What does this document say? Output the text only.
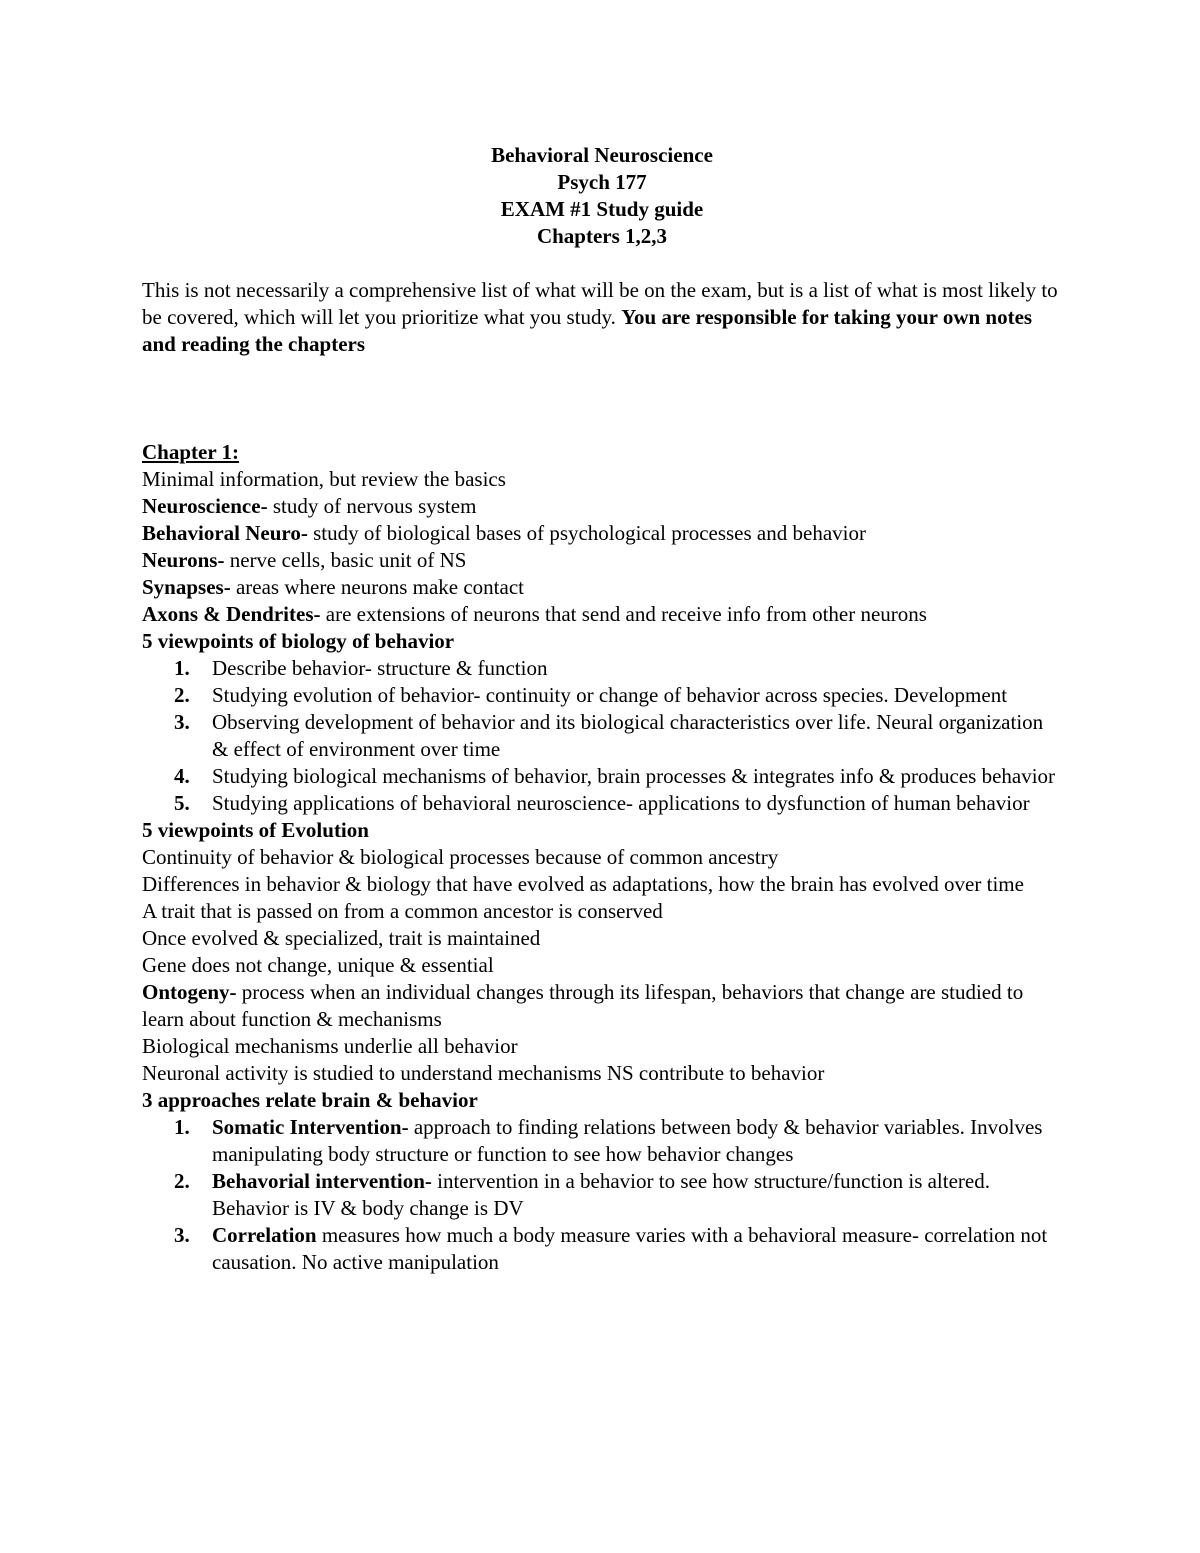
Behavioral Neuroscience
Psych 177
EXAM #1 Study guide
Chapters 1,2,3
This is not necessarily a comprehensive list of what will be on the exam, but is a list of what is most likely to be covered, which will let you prioritize what you study. You are responsible for taking your own notes and reading the chapters
Chapter 1:
Minimal information, but review the basics
Neuroscience- study of nervous system
Behavioral Neuro- study of biological bases of psychological processes and behavior
Neurons- nerve cells, basic unit of NS
Synapses- areas where neurons make contact
Axons & Dendrites- are extensions of neurons that send and receive info from other neurons
5 viewpoints of biology of behavior
1. Describe behavior- structure & function
2. Studying evolution of behavior- continuity or change of behavior across species. Development
3. Observing development of behavior and its biological characteristics over life. Neural organization & effect of environment over time
4. Studying biological mechanisms of behavior, brain processes & integrates info & produces behavior
5. Studying applications of behavioral neuroscience- applications to dysfunction of human behavior
5 viewpoints of Evolution
Continuity of behavior & biological processes because of common ancestry
Differences in behavior & biology that have evolved as adaptations, how the brain has evolved over time
A trait that is passed on from a common ancestor is conserved
Once evolved & specialized, trait is maintained
Gene does not change, unique & essential
Ontogeny- process when an individual changes through its lifespan, behaviors that change are studied to learn about function & mechanisms
Biological mechanisms underlie all behavior
Neuronal activity is studied to understand mechanisms NS contribute to behavior
3 approaches relate brain & behavior
1. Somatic Intervention- approach to finding relations between body & behavior variables. Involves manipulating body structure or function to see how behavior changes
2. Behavorial intervention- intervention in a behavior to see how structure/function is altered. Behavior is IV & body change is DV
3. Correlation measures how much a body measure varies with a behavioral measure- correlation not causation. No active manipulation
